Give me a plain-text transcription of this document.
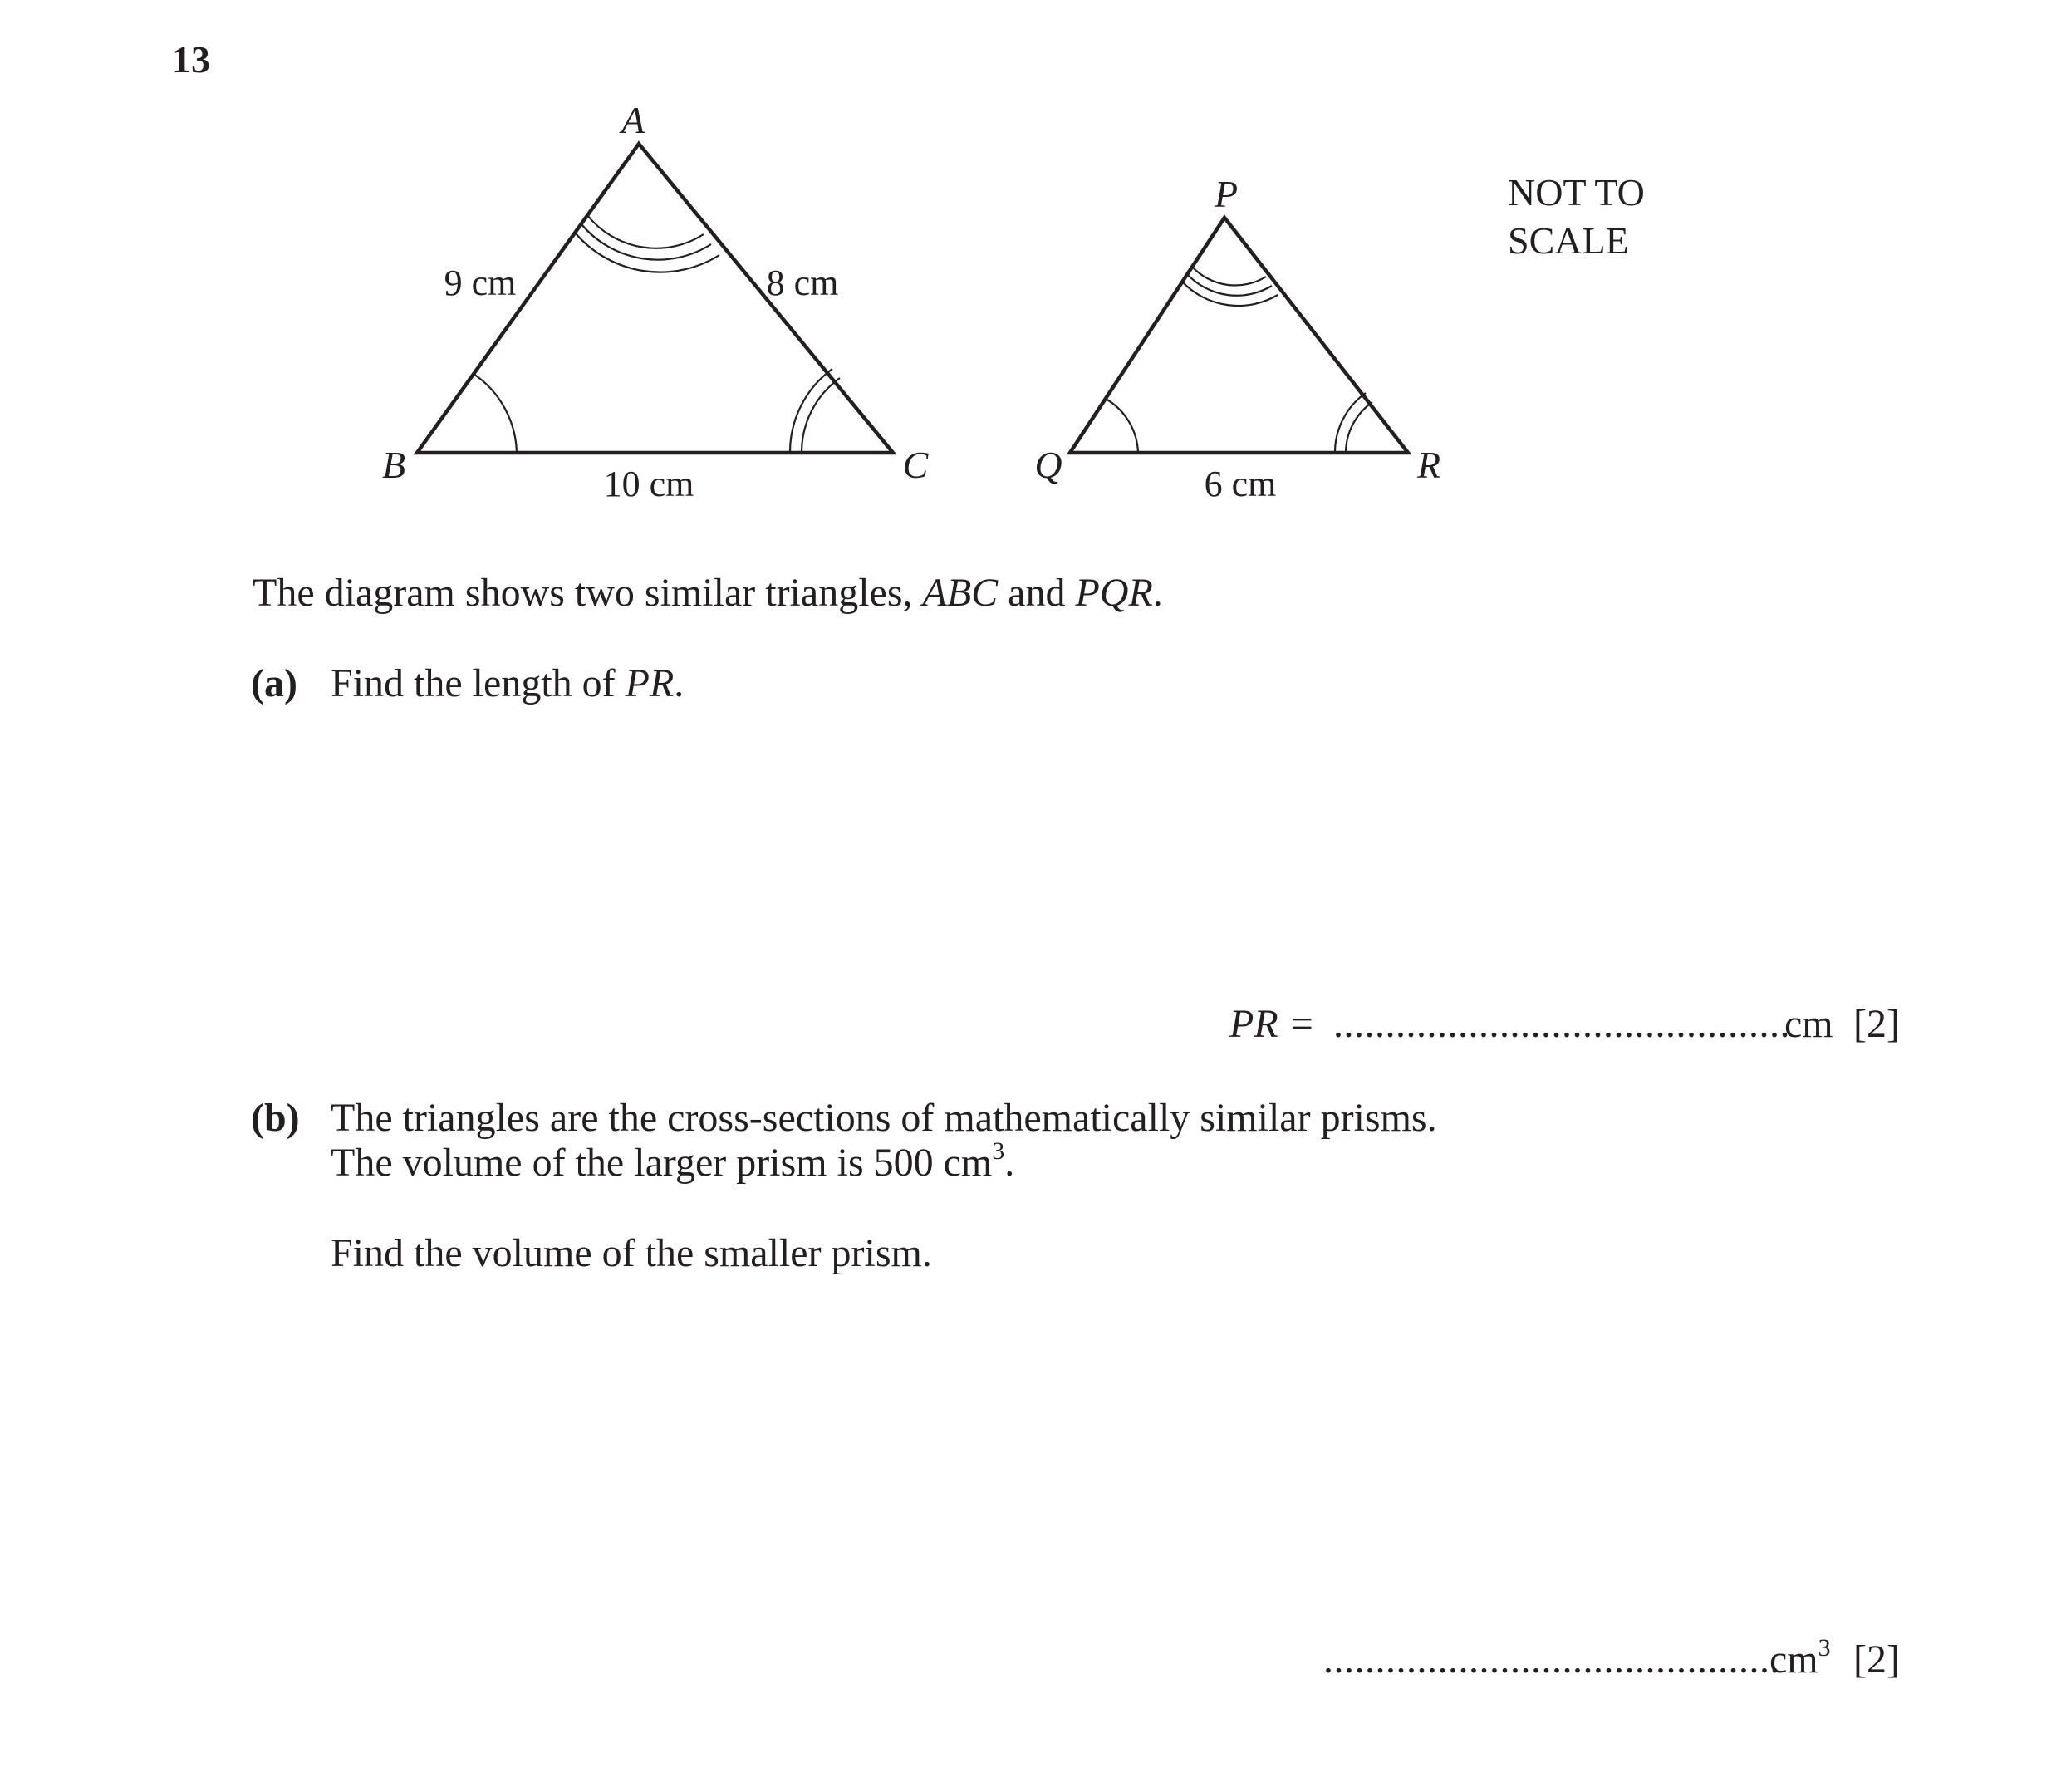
13
A
B	C
P
Q	R
9 cm	8 cm
10 cm	6 cm
NOT TO
SCALE
The diagram shows two similar triangles, ABC and PQR.
(a) Find the length of PR.
PR = ............................................
cm [2]
(b) The triangles are the cross-sections of mathematically similar prisms.
The volume of the larger prism is 500 $cm^3$.
Find the volume of the smaller prism.
............................................
$cm^3$ [2]
